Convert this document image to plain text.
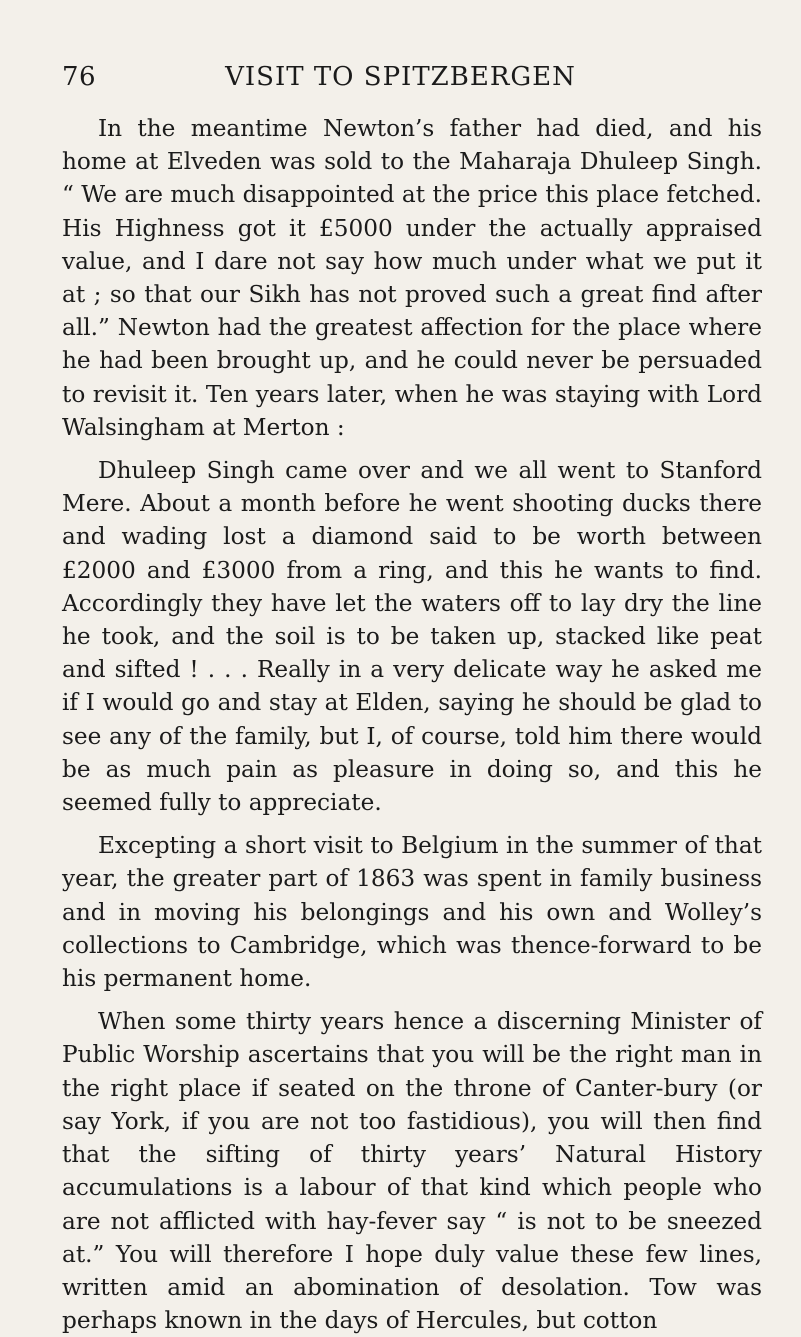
76	VISIT TO SPITZBERGEN

In the meantime Newton’s father had died, and his home at Elveden was sold to the Maharaja Dhuleep Singh. “ We are much disappointed at the price this place fetched. His Highness got it £5000 under the actually appraised value, and I dare not say how much under what we put it at ; so that our Sikh has not proved such a great find after all.” Newton had the greatest affection for the place where he had been brought up, and he could never be persuaded to revisit it. Ten years later, when he was staying with Lord Walsingham at Merton :

Dhuleep Singh came over and we all went to Stanford Mere. About a month before he went shooting ducks there and wading lost a diamond said to be worth between £2000 and £3000 from a ring, and this he wants to find. Accordingly they have let the waters off to lay dry the line he took, and the soil is to be taken up, stacked like peat and sifted ! . . . Really in a very delicate way he asked me if I would go and stay at Elden, saying he should be glad to see any of the family, but I, of course, told him there would be as much pain as pleasure in doing so, and this he seemed fully to appreciate.

Excepting a short visit to Belgium in the summer of that year, the greater part of 1863 was spent in family business and in moving his belongings and his own and Wolley’s collections to Cambridge, which was thence-forward to be his permanent home.

When some thirty years hence a discerning Minister of Public Worship ascertains that you will be the right man in the right place if seated on the throne of Canter-bury (or say York, if you are not too fastidious), you will then find that the sifting of thirty years’ Natural History accumulations is a labour of that kind which people who are not afflicted with hay-fever say “ is not to be sneezed at.” You will therefore I hope duly value these few lines, written amid an abomination of desolation. Tow was perhaps known in the days of Hercules, but cotton
